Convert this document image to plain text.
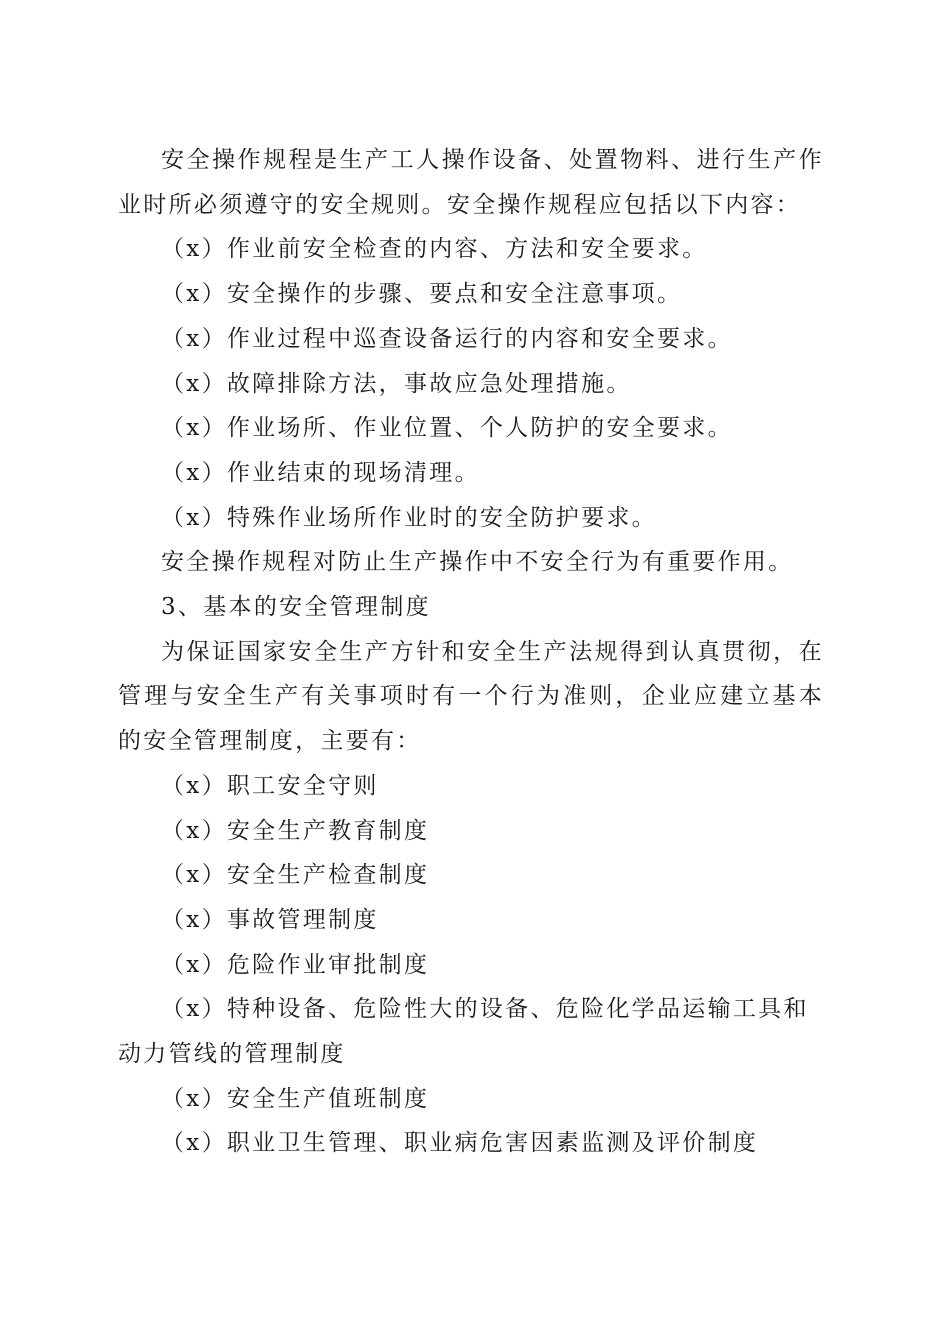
安全操作规程是生产工人操作设备、处置物料、进行生产作业时所必须遵守的安全规则。安全操作规程应包括以下内容：

（x）作业前安全检查的内容、方法和安全要求。

（x）安全操作的步骤、要点和安全注意事项。

（x）作业过程中巡查设备运行的内容和安全要求。

（x）故障排除方法，事故应急处理措施。

（x）作业场所、作业位置、个人防护的安全要求。

（x）作业结束的现场清理。

（x）特殊作业场所作业时的安全防护要求。

安全操作规程对防止生产操作中不安全行为有重要作用。

3、基本的安全管理制度

为保证国家安全生产方针和安全生产法规得到认真贯彻，在管理与安全生产有关事项时有一个行为准则，企业应建立基本的安全管理制度，主要有：

（x）职工安全守则

（x）安全生产教育制度

（x）安全生产检查制度

（x）事故管理制度

（x）危险作业审批制度

（x）特种设备、危险性大的设备、危险化学品运输工具和动力管线的管理制度

（x）安全生产值班制度

（x）职业卫生管理、职业病危害因素监测及评价制度
